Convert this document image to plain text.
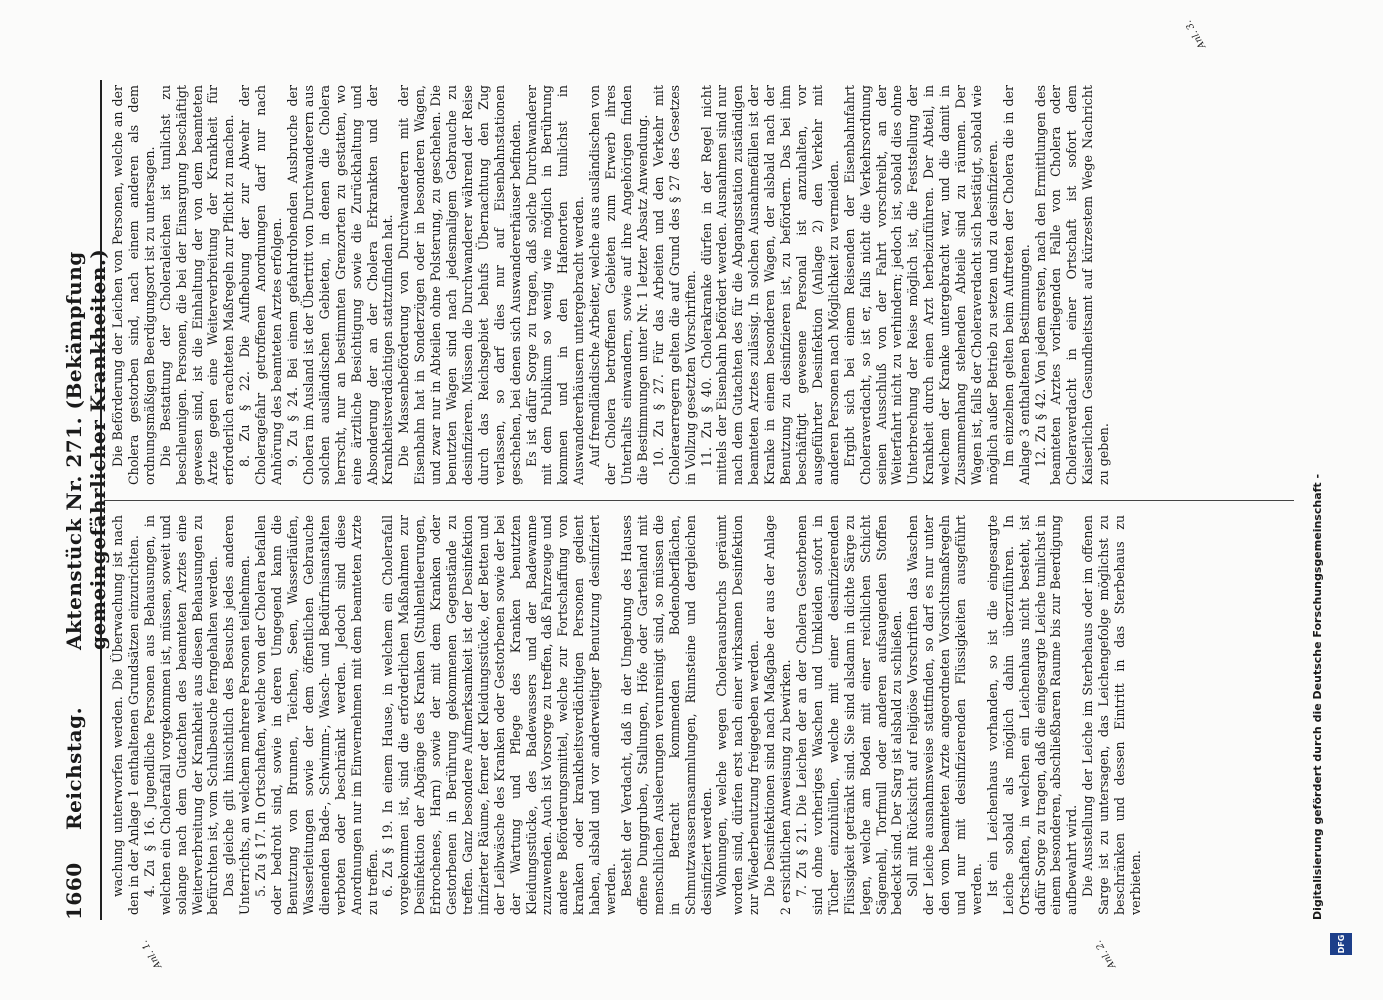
1660
Reichstag.
Aktenstück Nr. 271. (Bekämpfung gemeingefährlicher Krankheiten.)
Anl. 1.	Anl. 2.
Anl. 3.

wachung unterworfen werden. Die Überwachung ist nach den in der Anlage 1 enthaltenen Grundsätzen einzurichten. 4. Zu § 16. Jugendliche Personen aus Behausungen, in welchen ein Cholerafall vorgekommen ist, müssen, soweit und solange nach dem Gutachten des beamteten Arztes eine Weiterverbreitung der Krankheit aus diesen Behausungen zu befürchten ist, vom Schulbesuche ferngehalten werden. Das gleiche gilt hinsichtlich des Besuchs jedes anderen Unterrichts, an welchem mehrere Personen teilnehmen. 5. Zu § 17. In Ortschaften, welche von der Cholera befallen oder bedroht sind, sowie in deren Umgegend kann die Benutzung von Brunnen, Teichen, Seen, Wasserläufen, Wasserleitungen sowie der dem öffentlichen Gebrauche dienenden Bade-, Schwimm-, Wasch- und Bedürfnisanstalten verboten oder beschränkt werden. Jedoch sind diese Anordnungen nur im Einvernehmen mit dem beamteten Arzte zu treffen. 6. Zu § 19. In einem Hause, in welchem ein Cholerafall vorgekommen ist, sind die erforderlichen Maßnahmen zur Desinfektion der Abgänge des Kranken (Stuhlentleerungen, Erbrochenes, Harn) sowie der mit dem Kranken oder Gestorbenen in Berührung gekommenen Gegenstände zu treffen. Ganz besondere Aufmerksamkeit ist der Desinfektion infizierter Räume, ferner der Kleidungsstücke, der Betten und der Leibwäsche des Kranken oder Gestorbenen sowie der bei der Wartung und Pflege des Kranken benutzten Kleidungsstücke, des Badewassers und der Badewanne zuzuwenden. Auch ist Vorsorge zu treffen, daß Fahrzeuge und andere Beförderungsmittel, welche zur Fortschaffung von kranken oder krankheitsverdächtigen Personen gedient haben, alsbald und vor anderweitiger Benutzung desinfiziert werden. Besteht der Verdacht, daß in der Umgebung des Hauses offene Dunggruben, Stallungen, Höfe oder Gartenland mit menschlichen Ausleerungen verunreinigt sind, so müssen die in Betracht kommenden Bodenoberflächen, Schmutzwasseransammlungen, Rinnsteine und dergleichen desinfiziert werden. Wohnungen, welche wegen Choleraausbruchs geräumt worden sind, dürfen erst nach einer wirksamen Desinfektion zur Wiederbenutzung freigegeben werden. Die Desinfektionen sind nach Maßgabe der aus der Anlage 2 ersichtlichen Anweisung zu bewirken. 7. Zu § 21. Die Leichen der an der Cholera Gestorbenen sind ohne vorheriges Waschen und Umkleiden sofort in Tücher einzuhüllen, welche mit einer desinfizierenden Flüssigkeit getränkt sind. Sie sind alsdann in dichte Särge zu legen, welche am Boden mit einer reichlichen Schicht Sägemehl, Torfmull oder anderen aufsaugenden Stoffen bedeckt sind. Der Sarg ist alsbald zu schließen. Soll mit Rücksicht auf religiöse Vorschriften das Waschen der Leiche ausnahmsweise stattfinden, so darf es nur unter den vom beamteten Arzte angeordneten Vorsichtsmaßregeln und nur mit desinfizierenden Flüssigkeiten ausgeführt werden. Ist ein Leichenhaus vorhanden, so ist die eingesargte Leiche sobald als möglich dahin überzuführen. In Ortschaften, in welchen ein Leichenhaus nicht besteht, ist dafür Sorge zu tragen, daß die eingesargte Leiche tunlichst in einem besonderen, abschließbaren Raume bis zur Beerdigung aufbewahrt wird. Die Ausstellung der Leiche im Sterbehaus oder im offenen Sarge ist zu untersagen, das Leichengefolge möglichst zu beschränken und dessen Eintritt in das Sterbehaus zu verbieten.

Die Beförderung der Leichen von Personen, welche an der Cholera gestorben sind, nach einem anderen als dem ordnungsmäßigen Beerdigungsort ist zu untersagen. Die Bestattung der Choleraleichen ist tunlichst zu beschleunigen. Personen, die bei der Einsargung beschäftigt gewesen sind, ist die Einhaltung der von dem beamteten Arzte gegen eine Weiterverbreitung der Krankheit für erforderlich erachteten Maßregeln zur Pflicht zu machen. 8. Zu § 22. Die Aufhebung der zur Abwehr der Choleragefahr getroffenen Anordnungen darf nur nach Anhörung des beamteten Arztes erfolgen. 9. Zu § 24. Bei einem gefahrdrohenden Ausbruche der Cholera im Ausland ist der Übertritt von Durchwanderern aus solchen ausländischen Gebieten, in denen die Cholera herrscht, nur an bestimmten Grenzorten zu gestatten, wo eine ärztliche Besichtigung sowie die Zurückhaltung und Absonderung der an der Cholera Erkrankten und der Krankheitsverdächtigen stattzufinden hat. Die Massenbeförderung von Durchwanderern mit der Eisenbahn hat in Sonderzügen oder in besonderen Wagen, und zwar nur in Abteilen ohne Polsterung, zu geschehen. Die benutzten Wagen sind nach jedesmaligem Gebrauche zu desinfizieren. Müssen die Durchwanderer während der Reise durch das Reichsgebiet behufs Übernachtung den Zug verlassen, so darf dies nur auf Eisenbahnstationen geschehen, bei denen sich Auswandererhäuser befinden. Es ist dafür Sorge zu tragen, daß solche Durchwanderer mit dem Publikum so wenig wie möglich in Berührung kommen und in den Hafenorten tunlichst in Auswandererhäusern untergebracht werden. Auf fremdländische Arbeiter, welche aus ausländischen von der Cholera betroffenen Gebieten zum Erwerb ihres Unterhalts einwandern, sowie auf ihre Angehörigen finden die Bestimmungen unter Nr. 1 letzter Absatz Anwendung. 10. Zu § 27. Für das Arbeiten und den Verkehr mit Choleraerregern gelten die auf Grund des § 27 des Gesetzes in Vollzug gesetzten Vorschriften. 11. Zu § 40. Cholerakranke dürfen in der Regel nicht mittels der Eisenbahn befördert werden. Ausnahmen sind nur nach dem Gutachten des für die Abgangsstation zuständigen beamteten Arztes zulässig. In solchen Ausnahmefällen ist der Kranke in einem besonderen Wagen, der alsbald nach der Benutzung zu desinfizieren ist, zu befördern. Das bei ihm beschäftigt gewesene Personal ist anzuhalten, vor ausgeführter Desinfektion (Anlage 2) den Verkehr mit anderen Personen nach Möglichkeit zu vermeiden. Ergibt sich bei einem Reisenden der Eisenbahnfahrt Choleraverdacht, so ist er, falls nicht die Verkehrsordnung seinen Ausschluß von der Fahrt vorschreibt, an der Weiterfahrt nicht zu verhindern; jedoch ist, sobald dies ohne Unterbrechung der Reise möglich ist, die Feststellung der Krankheit durch einen Arzt herbeizuführen. Der Abteil, in welchem der Kranke untergebracht war, und die damit in Zusammenhang stehenden Abteile sind zu räumen. Der Wagen ist, falls der Choleraverdacht sich bestätigt, sobald wie möglich außer Betrieb zu setzen und zu desinfizieren. Im einzelnen gelten beim Auftreten der Cholera die in der Anlage 3 enthaltenen Bestimmungen. 12. Zu § 42. Von jedem ersten, nach den Ermittlungen des beamteten Arztes vorliegenden Falle von Cholera oder Choleraverdacht in einer Ortschaft ist sofort dem Kaiserlichen Gesundheitsamt auf kürzestem Wege Nachricht zu geben.

Digitalisierung gefördert durch die Deutsche Forschungsgemeinschaft -
DFG
